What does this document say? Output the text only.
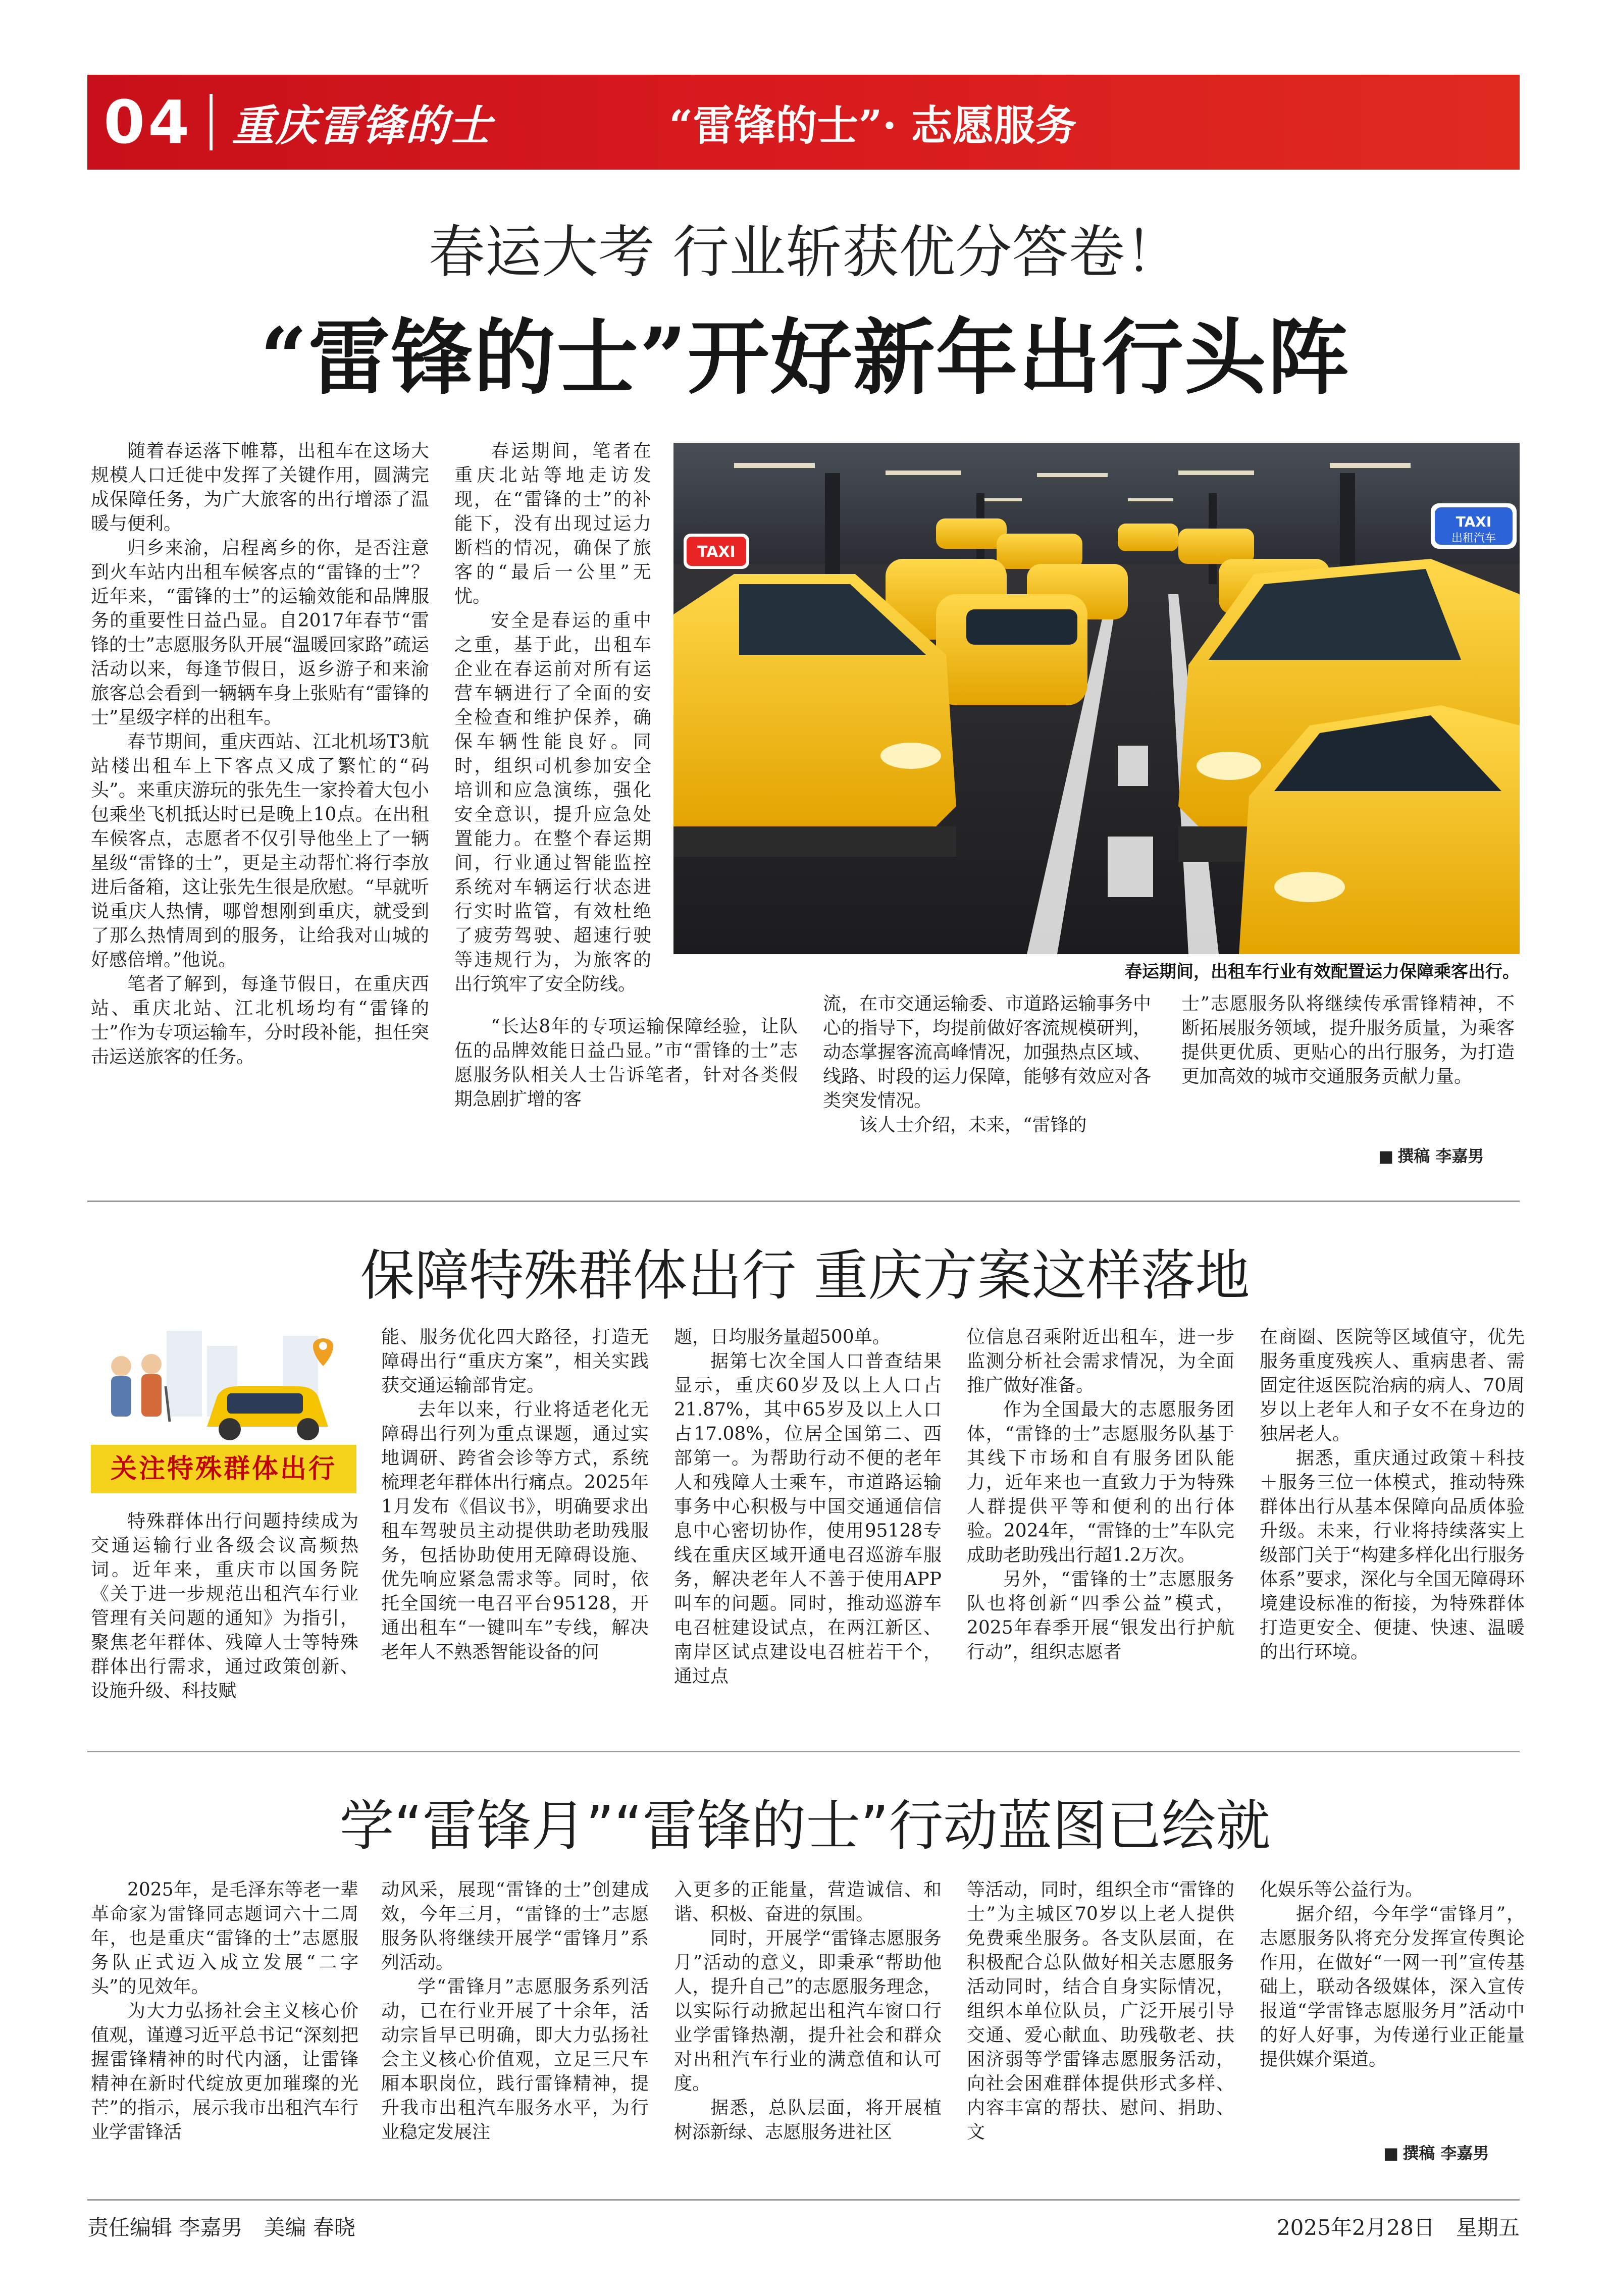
04 重庆雷锋的士	“雷锋的士”· 志愿服务
春运大考 行业斩获优分答卷！
“雷锋的士”开好新年出行头阵

随着春运落下帷幕，出租车在这场大规模人口迁徙中发挥了关键作用，圆满完成保障任务，为广大旅客的出行增添了温暖与便利。

归乡来渝，启程离乡的你，是否注意到火车站内出租车候客点的“雷锋的士”？近年来，“雷锋的士”的运输效能和品牌服务的重要性日益凸显。自2017年春节“雷锋的士”志愿服务队开展“温暖回家路”疏运活动以来，每逢节假日，返乡游子和来渝旅客总会看到一辆辆车身上张贴有“雷锋的士”星级字样的出租车。

春节期间，重庆西站、江北机场T3航站楼出租车上下客点又成了繁忙的“码头”。来重庆游玩的张先生一家拎着大包小包乘坐飞机抵达时已是晚上10点。在出租车候客点，志愿者不仅引导他坐上了一辆星级“雷锋的士”，更是主动帮忙将行李放进后备箱，这让张先生很是欣慰。“早就听说重庆人热情，哪曾想刚到重庆，就受到了那么热情周到的服务，让给我对山城的好感倍增。”他说。

笔者了解到，每逢节假日，在重庆西站、重庆北站、江北机场均有“雷锋的士”作为专项运输车，分时段补能，担任突击运送旅客的任务。

春运期间，笔者在重庆北站等地走访发现，在“雷锋的士”的补能下，没有出现过运力断档的情况，确保了旅客的“最后一公里”无忧。

安全是春运的重中之重，基于此，出租车企业在春运前对所有运营车辆进行了全面的安全检查和维护保养，确保车辆性能良好。同时，组织司机参加安全培训和应急演练，强化安全意识，提升应急处置能力。在整个春运期间，行业通过智能监控系统对车辆运行状态进行实时监管，有效杜绝了疲劳驾驶、超速行驶等违规行为，为旅客的出行筑牢了安全防线。

“长达8年的专项运输保障经验，让队伍的品牌效能日益凸显。”市“雷锋的士”志愿服务队相关人士告诉笔者，针对各类假期急剧扩增的客

TAXI
TAXI
出租汽车
春运期间，出租车行业有效配置运力保障乘客出行。

流，在市交通运输委、市道路运输事务中心的指导下，均提前做好客流规模研判，动态掌握客流高峰情况，加强热点区域、线路、时段的运力保障，能够有效应对各类突发情况。

该人士介绍，未来，“雷锋的

士”志愿服务队将继续传承雷锋精神，不断拓展服务领域，提升服务质量，为乘客提供更优质、更贴心的出行服务，为打造更加高效的城市交通服务贡献力量。

■ 撰稿 李嘉男
保障特殊群体出行 重庆方案这样落地
关注特殊群体出行

特殊群体出行问题持续成为交通运输行业各级会议高频热词。近年来，重庆市以国务院《关于进一步规范出租汽车行业管理有关问题的通知》为指引，聚焦老年群体、残障人士等特殊群体出行需求，通过政策创新、设施升级、科技赋

能、服务优化四大路径，打造无障碍出行“重庆方案”，相关实践获交通运输部肯定。

去年以来，行业将适老化无障碍出行列为重点课题，通过实地调研、跨省会诊等方式，系统梳理老年群体出行痛点。2025年1月发布《倡议书》，明确要求出租车驾驶员主动提供助老助残服务，包括协助使用无障碍设施、优先响应紧急需求等。同时，依托全国统一电召平台95128，开通出租车“一键叫车”专线，解决老年人不熟悉智能设备的问

题，日均服务量超500单。

据第七次全国人口普查结果显示，重庆60岁及以上人口占21.87%，其中65岁及以上人口占17.08%，位居全国第二、西部第一。为帮助行动不便的老年人和残障人士乘车，市道路运输事务中心积极与中国交通通信信息中心密切协作，使用95128专线在重庆区域开通电召巡游车服务，解决老年人不善于使用APP叫车的问题。同时，推动巡游车电召桩建设试点，在两江新区、南岸区试点建设电召桩若干个，通过点

位信息召乘附近出租车，进一步监测分析社会需求情况，为全面推广做好准备。

作为全国最大的志愿服务团体，“雷锋的士”志愿服务队基于其线下市场和自有服务团队能力，近年来也一直致力于为特殊人群提供平等和便利的出行体验。2024年，“雷锋的士”车队完成助老助残出行超1.2万次。

另外，“雷锋的士”志愿服务队也将创新“四季公益”模式，2025年春季开展“银发出行护航行动”，组织志愿者

在商圈、医院等区域值守，优先服务重度残疾人、重病患者、需固定往返医院治病的病人、70周岁以上老年人和子女不在身边的独居老人。

据悉，重庆通过政策＋科技＋服务三位一体模式，推动特殊群体出行从基本保障向品质体验升级。未来，行业将持续落实上级部门关于“构建多样化出行服务体系”要求，深化与全国无障碍环境建设标准的衔接，为特殊群体打造更安全、便捷、快速、温暖的出行环境。

学“雷锋月”“雷锋的士”行动蓝图已绘就

2025年，是毛泽东等老一辈革命家为雷锋同志题词六十二周年，也是重庆“雷锋的士”志愿服务队正式迈入成立发展“二字头”的见效年。

为大力弘扬社会主义核心价值观，谨遵习近平总书记“深刻把握雷锋精神的时代内涵，让雷锋精神在新时代绽放更加璀璨的光芒”的指示，展示我市出租汽车行业学雷锋活

动风采，展现“雷锋的士”创建成效，今年三月，“雷锋的士”志愿服务队将继续开展学“雷锋月”系列活动。

学“雷锋月”志愿服务系列活动，已在行业开展了十余年，活动宗旨早已明确，即大力弘扬社会主义核心价值观，立足三尺车厢本职岗位，践行雷锋精神，提升我市出租汽车服务水平，为行业稳定发展注

入更多的正能量，营造诚信、和谐、积极、奋进的氛围。

同时，开展学“雷锋志愿服务月”活动的意义，即秉承“帮助他人，提升自己”的志愿服务理念，以实际行动掀起出租汽车窗口行业学雷锋热潮，提升社会和群众对出租汽车行业的满意值和认可度。

据悉，总队层面，将开展植树添新绿、志愿服务进社区

等活动，同时，组织全市“雷锋的士”为主城区70岁以上老人提供免费乘坐服务。各支队层面，在积极配合总队做好相关志愿服务活动同时，结合自身实际情况，组织本单位队员，广泛开展引导交通、爱心献血、助残敬老、扶困济弱等学雷锋志愿服务活动，向社会困难群体提供形式多样、内容丰富的帮扶、慰问、捐助、文

化娱乐等公益行为。

据介绍，今年学“雷锋月”，志愿服务队将充分发挥宣传舆论作用，在做好“一网一刊”宣传基础上，联动各级媒体，深入宣传报道“学雷锋志愿服务月”活动中的好人好事，为传递行业正能量提供媒介渠道。

■ 撰稿 李嘉男
责任编辑 李嘉男　美编 春晓	2025年2月28日　星期五
